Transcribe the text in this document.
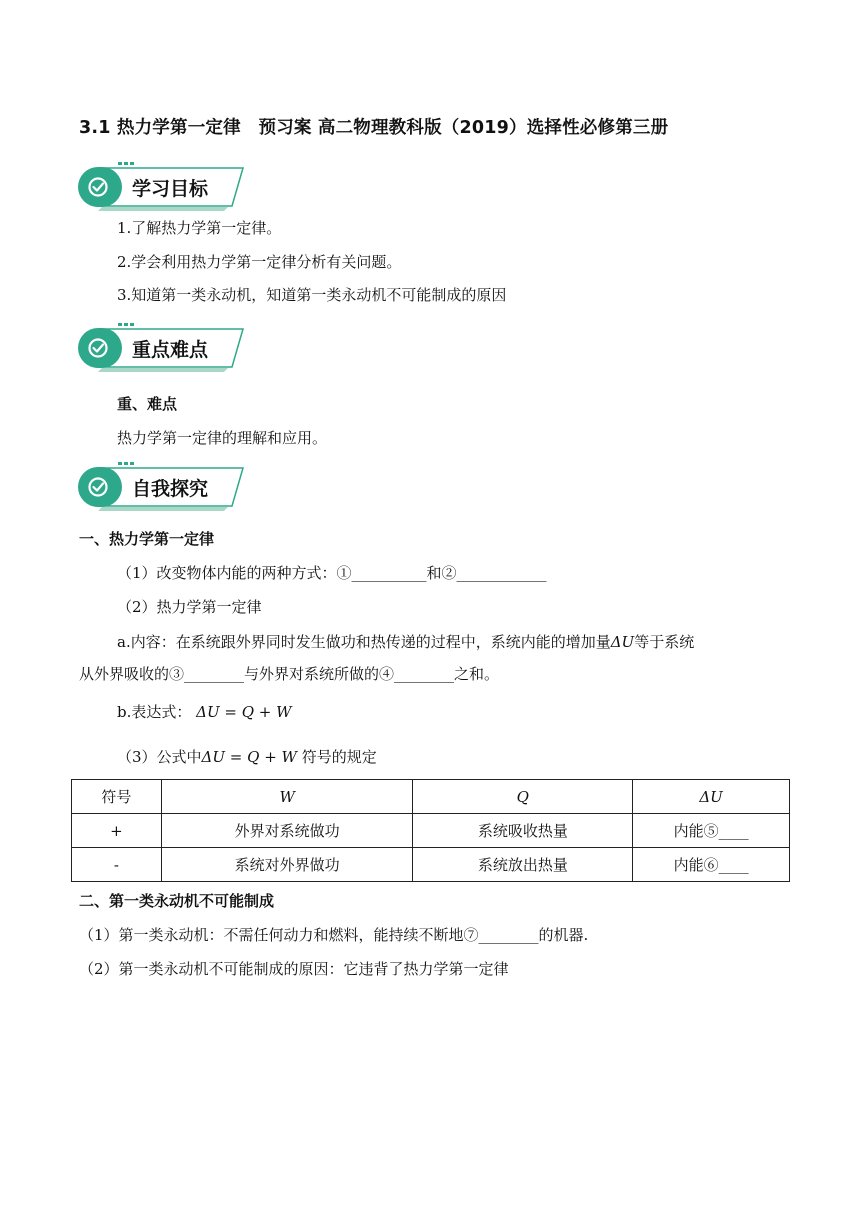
3.1 热力学第一定律　预习案 高二物理教科版（2019）选择性必修第三册
学习目标
1.了解热力学第一定律。
2.学会利用热力学第一定律分析有关问题。
3.知道第一类永动机，知道第一类永动机不可能制成的原因
重点难点
重、难点
热力学第一定律的理解和应用。
自我探究
一、热力学第一定律
（1）改变物体内能的两种方式：①__________和②____________
（2）热力学第一定律
a.内容：在系统跟外界同时发生做功和热传递的过程中，系统内能的增加量ΔU等于系统
从外界吸收的③________与外界对系统所做的④________之和。
b.表达式： ΔU = Q + W
（3）公式中ΔU = Q + W 符号的规定
符号	W	Q	ΔU
+	外界对系统做功	系统吸收热量	内能⑤____
-	系统对外界做功	系统放出热量	内能⑥____
二、第一类永动机不可能制成
（1）第一类永动机：不需任何动力和燃料，能持续不断地⑦________的机器.
（2）第一类永动机不可能制成的原因：它违背了热力学第一定律
